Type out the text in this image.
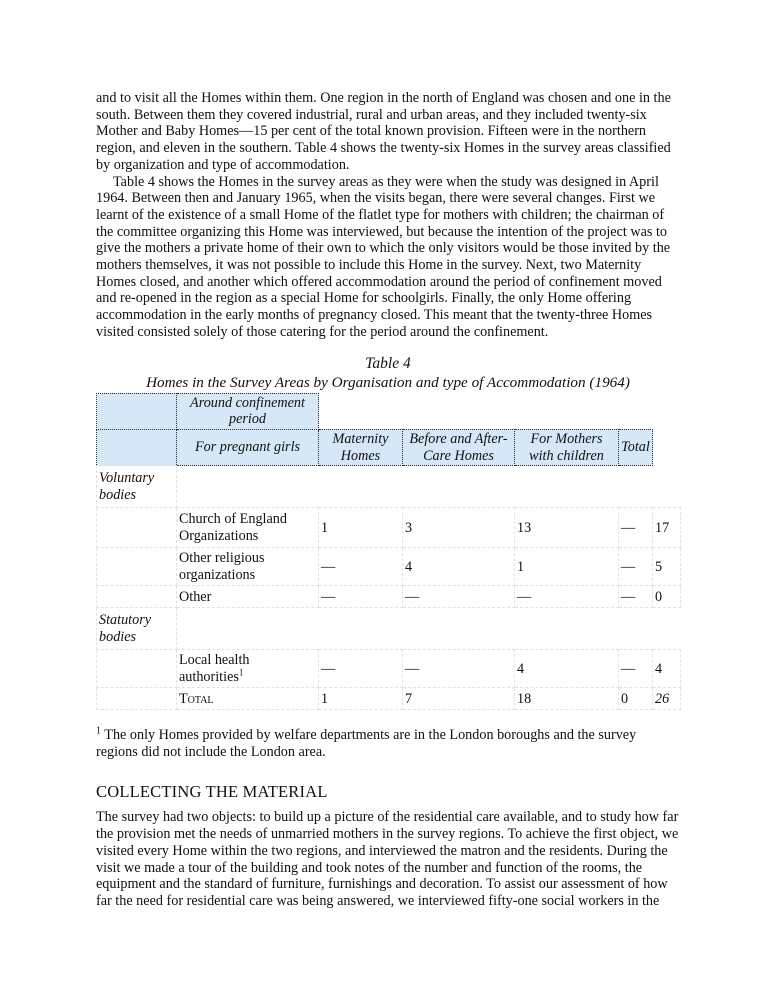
and to visit all the Homes within them. One region in the north of England was chosen and one in the south. Between them they covered industrial, rural and urban areas, and they included twenty-six Mother and Baby Homes—15 per cent of the total known provision. Fifteen were in the northern region, and eleven in the southern. Table 4 shows the twenty-six Homes in the survey areas classified by organization and type of accommodation.

Table 4 shows the Homes in the survey areas as they were when the study was designed in April 1964. Between then and January 1965, when the visits began, there were several changes. First we learnt of the existence of a small Home of the flatlet type for mothers with children; the chairman of the committee organizing this Home was interviewed, but because the intention of the project was to give the mothers a private home of their own to which the only visitors would be those invited by the mothers themselves, it was not possible to include this Home in the survey. Next, two Maternity Homes closed, and another which offered accommodation around the period of confinement moved and re-opened in the region as a special Home for schoolgirls. Finally, the only Home offering accommodation in the early months of pregnancy closed. This meant that the twenty-three Homes visited consisted solely of those catering for the period around the confinement.

Table 4
Homes in the Survey Areas by Organisation and type of Accommodation (1964)
	Around confinement period					
	For pregnant girls	Maternity Homes	Before and After-Care Homes	For Mothers with children	Total	
Voluntary bodies						
	Church of England Organizations	1	3	13	—	17
	Other religious organizations	—	4	1	—	5
	Other	—	—	—	—	0
Statutory bodies						
	Local health authorities$^1$	—	—	4	—	4
	Total	1	7	18	0	26

$^1$ The only Homes provided by welfare departments are in the London boroughs and the survey regions did not include the London area.

COLLECTING THE MATERIAL

The survey had two objects: to build up a picture of the residential care available, and to study how far the provision met the needs of unmarried mothers in the survey regions. To achieve the first object, we visited every Home within the two regions, and interviewed the matron and the residents. During the visit we made a tour of the building and took notes of the number and function of the rooms, the equipment and the standard of furniture, furnishings and decoration. To assist our assessment of how far the need for residential care was being answered, we interviewed fifty-one social workers in the
